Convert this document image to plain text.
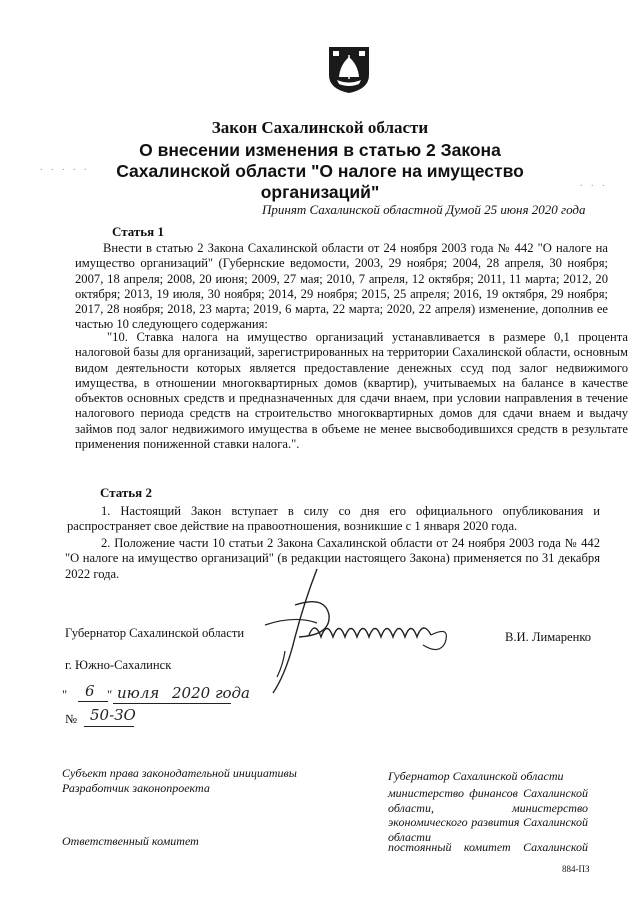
Закон Сахалинской области
О внесении изменения в статью 2 Закона
Сахалинской области "О налоге на имущество
организаций"
. . . . .
. . .
Принят Сахалинской областной Думой 25 июня 2020 года
Статья 1
Внести в статью 2 Закона Сахалинской области от 24 ноября 2003 года № 442 "О налоге на имущество организаций" (Губернские ведомости, 2003, 29 ноября; 2004, 28 апреля, 30 ноября; 2007, 18 апреля; 2008, 20 июня; 2009, 27 мая; 2010, 7 апреля, 12 октября; 2011, 11 марта; 2012, 20 октября; 2013, 19 июля, 30 ноября; 2014, 29 ноября; 2015, 25 апреля; 2016, 19 октября, 29 ноября; 2017, 28 ноября; 2018, 23 марта; 2019, 6 марта, 22 марта; 2020, 22 апреля) изменение, дополнив ее частью 10 следующего содержания:
"10. Ставка налога на имущество организаций устанавливается в размере 0,1 процента налоговой базы для организаций, зарегистрированных на территории Сахалинской области, основным видом деятельности которых является предоставление денежных ссуд под залог недвижимого имущества, в отношении многоквартирных домов (квартир), учитываемых на балансе в качестве объектов основных средств и предназначенных для сдачи внаем, при условии направления в течение налогового периода средств на строительство многоквартирных домов для сдачи внаем и выдачу займов под залог недвижимого имущества в объеме не менее высвободившихся средств в результате применения пониженной ставки налога.".
Статья 2
1. Настоящий Закон вступает в силу со дня его официального опубликования и распространяет свое действие на правоотношения, возникшие с 1 января 2020 года.
2. Положение части 10 статьи 2 Закона Сахалинской области от 24 ноября 2003 года № 442 "О налоге на имущество организаций" (в редакции настоящего Закона) применяется по 31 декабря 2022 года.
Губернатор Сахалинской области	В.И. Лимаренко
г. Южно-Сахалинск
" 6 " июля 2020 года
№ 50-ЗО
Субъект права законодательной инициативы
Разработчик законопроекта
Ответственный комитет
Губернатор Сахалинской области
министерство финансов Сахалинской области, министерство экономического развития Сахалинской области
постоянный комитет Сахалинской
884-ПЗ
